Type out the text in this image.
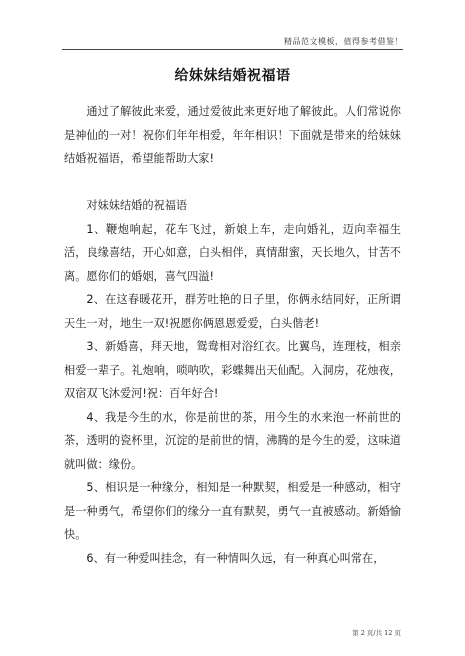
精品范文模板，值得参考借鉴！
给妹妹结婚祝福语

通过了解彼此来爱，通过爱彼此来更好地了解彼此。人们常说你是神仙的一对！祝你们年年相爱，年年相识！下面就是带来的给妹妹结婚祝福语，希望能帮助大家!

对妹妹结婚的祝福语

1、鞭炮响起，花车飞过，新娘上车，走向婚礼，迈向幸福生活，良缘喜结，开心如意，白头相伴，真情甜蜜，天长地久，甘苦不离。愿你们的婚姻，喜气四溢!

2、在这春暖花开，群芳吐艳的日子里，你俩永结同好，正所谓天生一对，地生一双!祝愿你俩恩恩爱爱，白头偕老!

3、新婚喜，拜天地，鸳鸯相对浴红衣。比翼鸟，连理枝，相亲相爱一辈子。礼炮响，唢呐吹，彩蝶舞出天仙配。入洞房，花烛夜，双宿双飞沐爱河!祝：百年好合!

4、我是今生的水，你是前世的茶，用今生的水来泡一杯前世的茶，透明的瓷杯里，沉淀的是前世的情，沸腾的是今生的爱，这味道就叫做：缘份。

5、相识是一种缘分，相知是一种默契，相爱是一种感动，相守是一种勇气，希望你们的缘分一直有默契，勇气一直被感动。新婚愉快。

6、有一种爱叫挂念，有一种情叫久远，有一种真心叫常在，

第 2 页/共 12 页
